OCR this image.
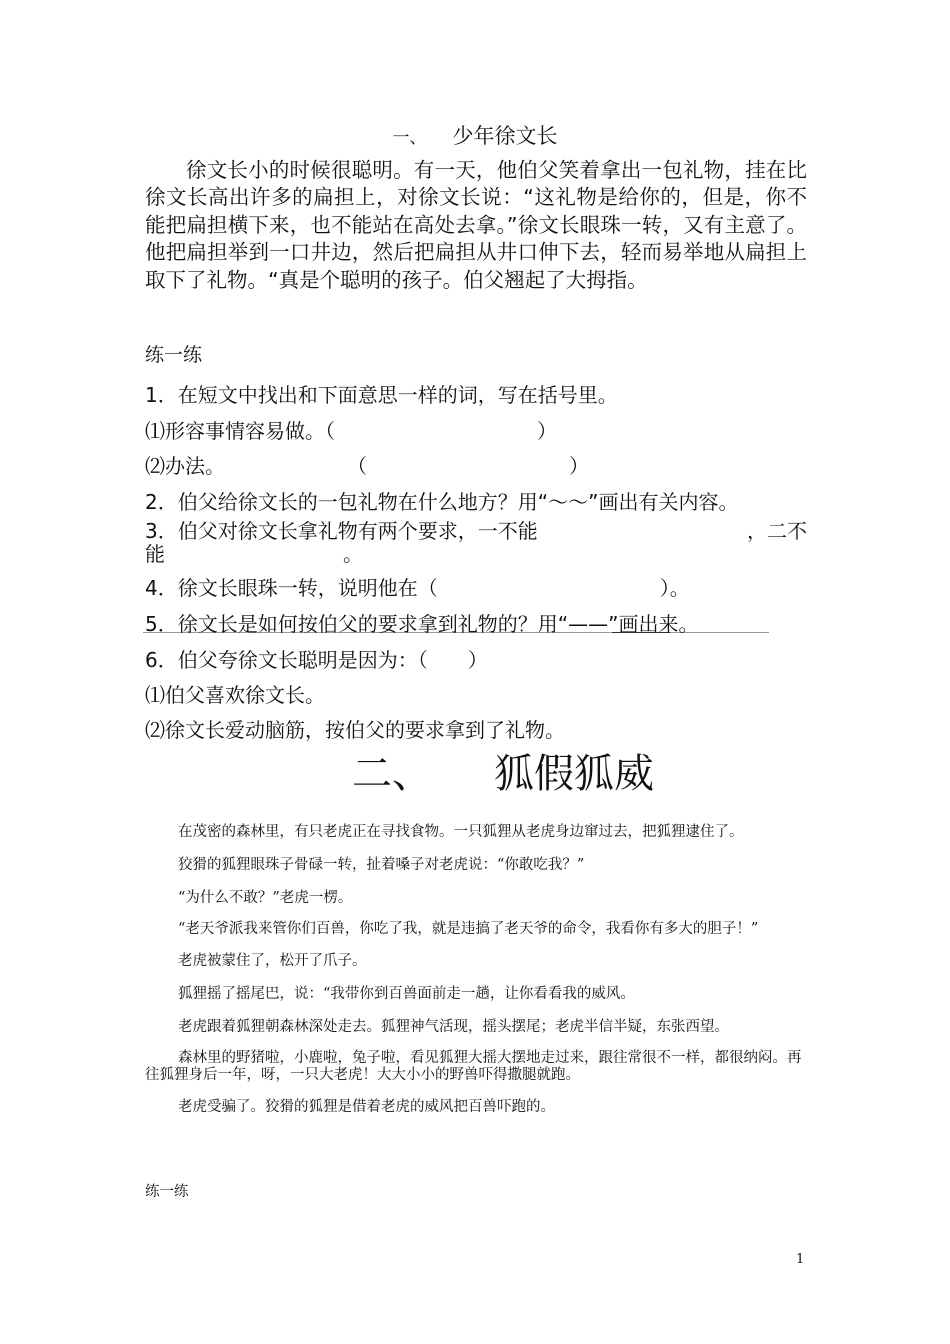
一、 少年徐文长

徐文长小的时候很聪明。有一天，他伯父笑着拿出一包礼物，挂在比徐文长高出许多的扁担上，对徐文长说：“这礼物是给你的，但是，你不能把扁担横下来，也不能站在高处去拿。”徐文长眼珠一转，又有主意了。他把扁担举到一口井边，然后把扁担从井口伸下去，轻而易举地从扁担上取下了礼物。“真是个聪明的孩子。伯父翘起了大拇指。

练一练
1．在短文中找出和下面意思一样的词，写在括号里。
⑴形容事情容易做。（	）
⑵办法。	（	）
2．伯父给徐文长的一包礼物在什么地方？用“～～”画出有关内容。
，二不
3．伯父对徐文长拿礼物有两个要求，一不能
能	。
4．徐文长眼珠一转，说明他在（	）。
5．徐文长是如何按伯父的要求拿到礼物的？用“——”画出来。
6．伯父夸徐文长聪明是因为：（　　）
⑴伯父喜欢徐文长。
⑵徐文长爱动脑筋，按伯父的要求拿到了礼物。
二、 狐假狐威

在茂密的森林里，有只老虎正在寻找食物。一只狐狸从老虎身边窜过去，把狐狸逮住了。

狡猾的狐狸眼珠子骨碌一转，扯着嗓子对老虎说：“你敢吃我？”

“为什么不敢？”老虎一楞。

“老天爷派我来管你们百兽，你吃了我，就是违搞了老天爷的命令，我看你有多大的胆子！”

老虎被蒙住了，松开了爪子。

狐狸摇了摇尾巴，说：“我带你到百兽面前走一趟，让你看看我的威风。

老虎跟着狐狸朝森林深处走去。狐狸神气活现，摇头摆尾；老虎半信半疑，东张西望。

森林里的野猪啦，小鹿啦，兔子啦，看见狐狸大摇大摆地走过来，跟往常很不一样，都很纳闷。再往狐狸身后一年，呀，一只大老虎！大大小小的野兽吓得撒腿就跑。

老虎受骗了。狡猾的狐狸是借着老虎的威风把百兽吓跑的。

练一练
1
